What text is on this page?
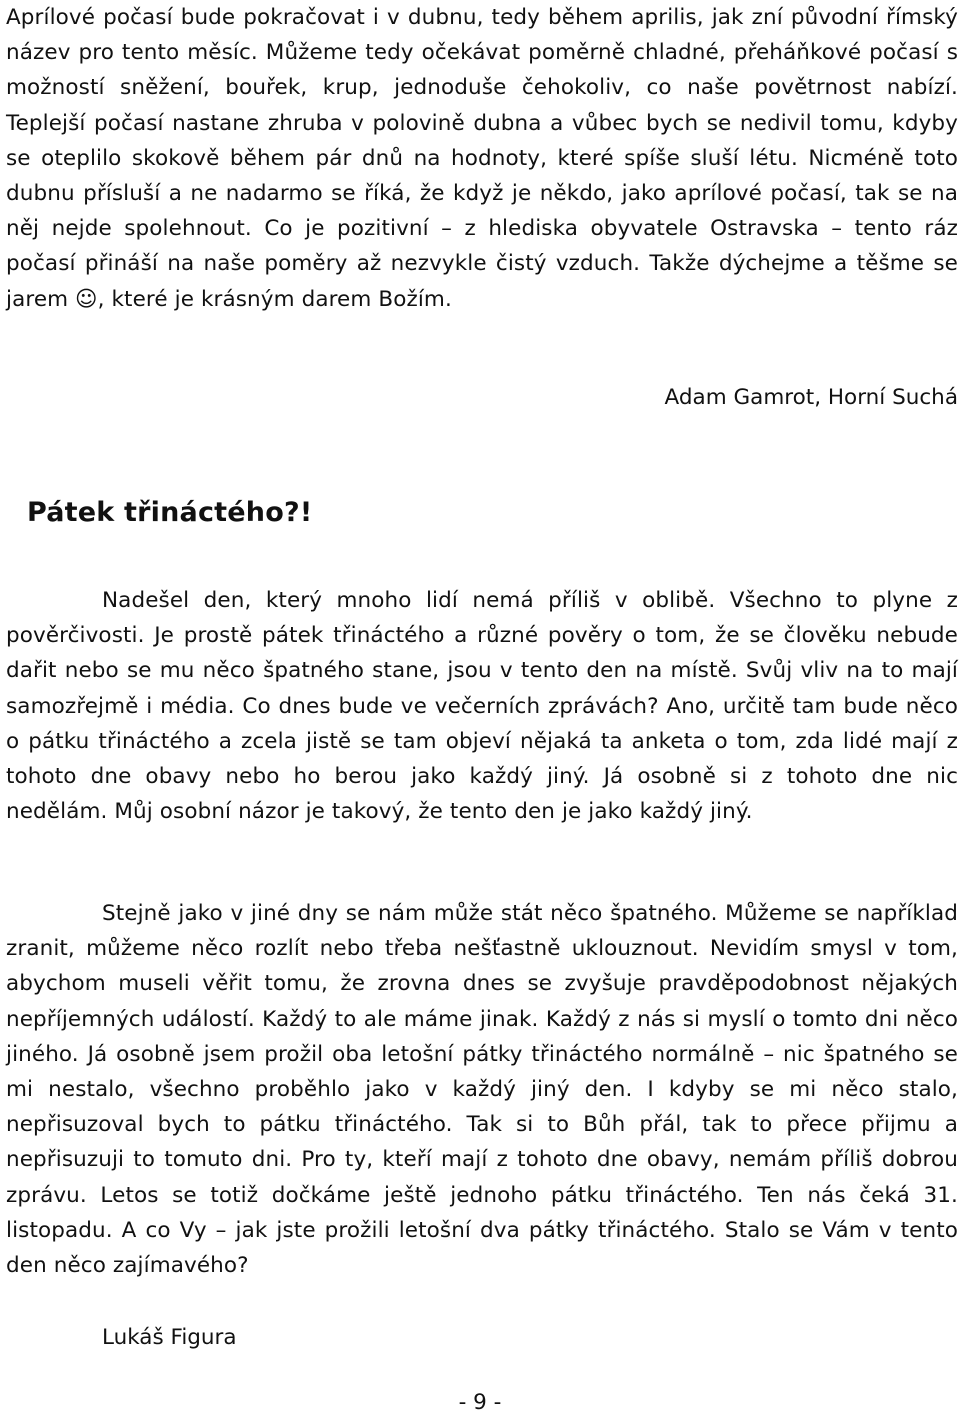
Aprílové počasí bude pokračovat i v dubnu, tedy během aprilis, jak zní původní římský název pro tento měsíc. Můžeme tedy očekávat poměrně chladné, přeháňkové počasí s možností sněžení, bouřek, krup, jednoduše čehokoliv, co naše povětrnost nabízí. Teplejší počasí nastane zhruba v polovině dubna a vůbec bych se nedivil tomu, kdyby se oteplilo skokově během pár dnů na hodnoty, které spíše sluší létu. Nicméně toto dubnu přísluší a ne nadarmo se říká, že když je někdo, jako aprílové počasí, tak se na něj nejde spolehnout. Co je pozitivní – z hlediska obyvatele Ostravska – tento ráz počasí přináší na naše poměry až nezvykle čistý vzduch. Takže dýchejme a těšme se jarem ☺, které je krásným darem Božím.

Adam Gamrot, Horní Suchá

Pátek třináctého?!

Nadešel den, který mnoho lidí nemá příliš v oblibě. Všechno to plyne z pověrčivosti. Je prostě pátek třináctého a různé pověry o tom, že se člověku nebude dařit nebo se mu něco špatného stane, jsou v tento den na místě. Svůj vliv na to mají samozřejmě i média. Co dnes bude ve večerních zprávách? Ano, určitě tam bude něco o pátku třináctého a zcela jistě se tam objeví nějaká ta anketa o tom, zda lidé mají z tohoto dne obavy nebo ho berou jako každý jiný. Já osobně si z tohoto dne nic nedělám. Můj osobní názor je takový, že tento den je jako každý jiný.

Stejně jako v jiné dny se nám může stát něco špatného. Můžeme se například zranit, můžeme něco rozlít nebo třeba nešťastně uklouznout. Nevidím smysl v tom, abychom museli věřit tomu, že zrovna dnes se zvyšuje pravděpodobnost nějakých nepříjemných událostí. Každý to ale máme jinak. Každý z nás si myslí o tomto dni něco jiného. Já osobně jsem prožil oba letošní pátky třináctého normálně – nic špatného se mi nestalo, všechno proběhlo jako v každý jiný den. I kdyby se mi něco stalo, nepřisuzoval bych to pátku třináctého. Tak si to Bůh přál, tak to přece přijmu a nepřisuzuji to tomuto dni. Pro ty, kteří mají z tohoto dne obavy, nemám příliš dobrou zprávu. Letos se totiž dočkáme ještě jednoho pátku třináctého. Ten nás čeká 31. listopadu. A co Vy – jak jste prožili letošní dva pátky třináctého. Stalo se Vám v tento den něco zajímavého?

Lukáš Figura

- 9 -
